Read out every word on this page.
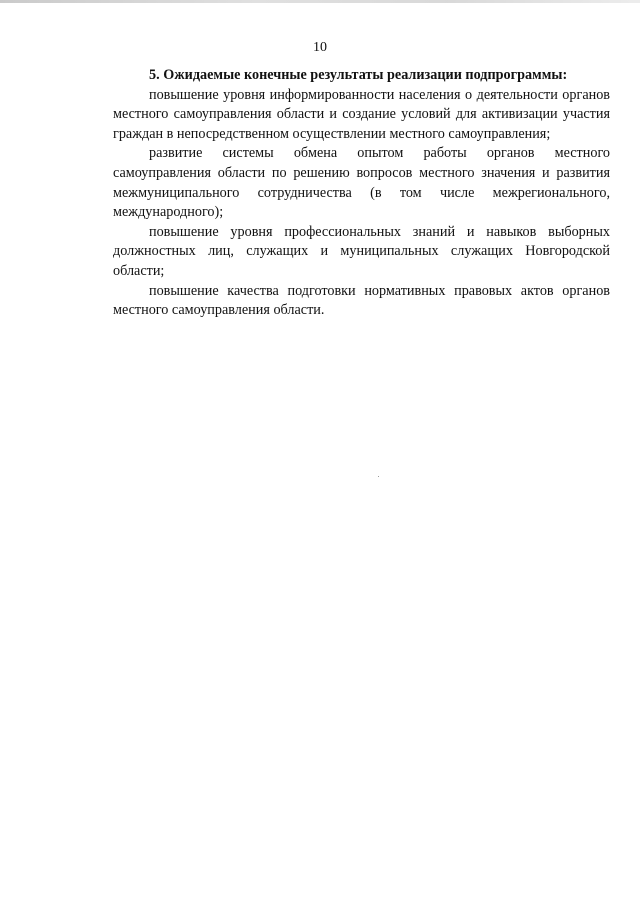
10

5. Ожидаемые конечные результаты реализации подпрограммы:

повышение уровня информированности населения о деятельности органов местного самоуправления области и создание условий для активизации участия граждан в непосредственном осуществлении местного самоуправления;

развитие системы обмена опытом работы органов местного самоуправления области по решению вопросов местного значения и развития межмуниципального сотрудничества (в том числе межрегионального, международного);

повышение уровня профессиональных знаний и навыков выборных должностных лиц, служащих и муниципальных служащих Новгородской области;

повышение качества подготовки нормативных правовых актов органов местного самоуправления области.
